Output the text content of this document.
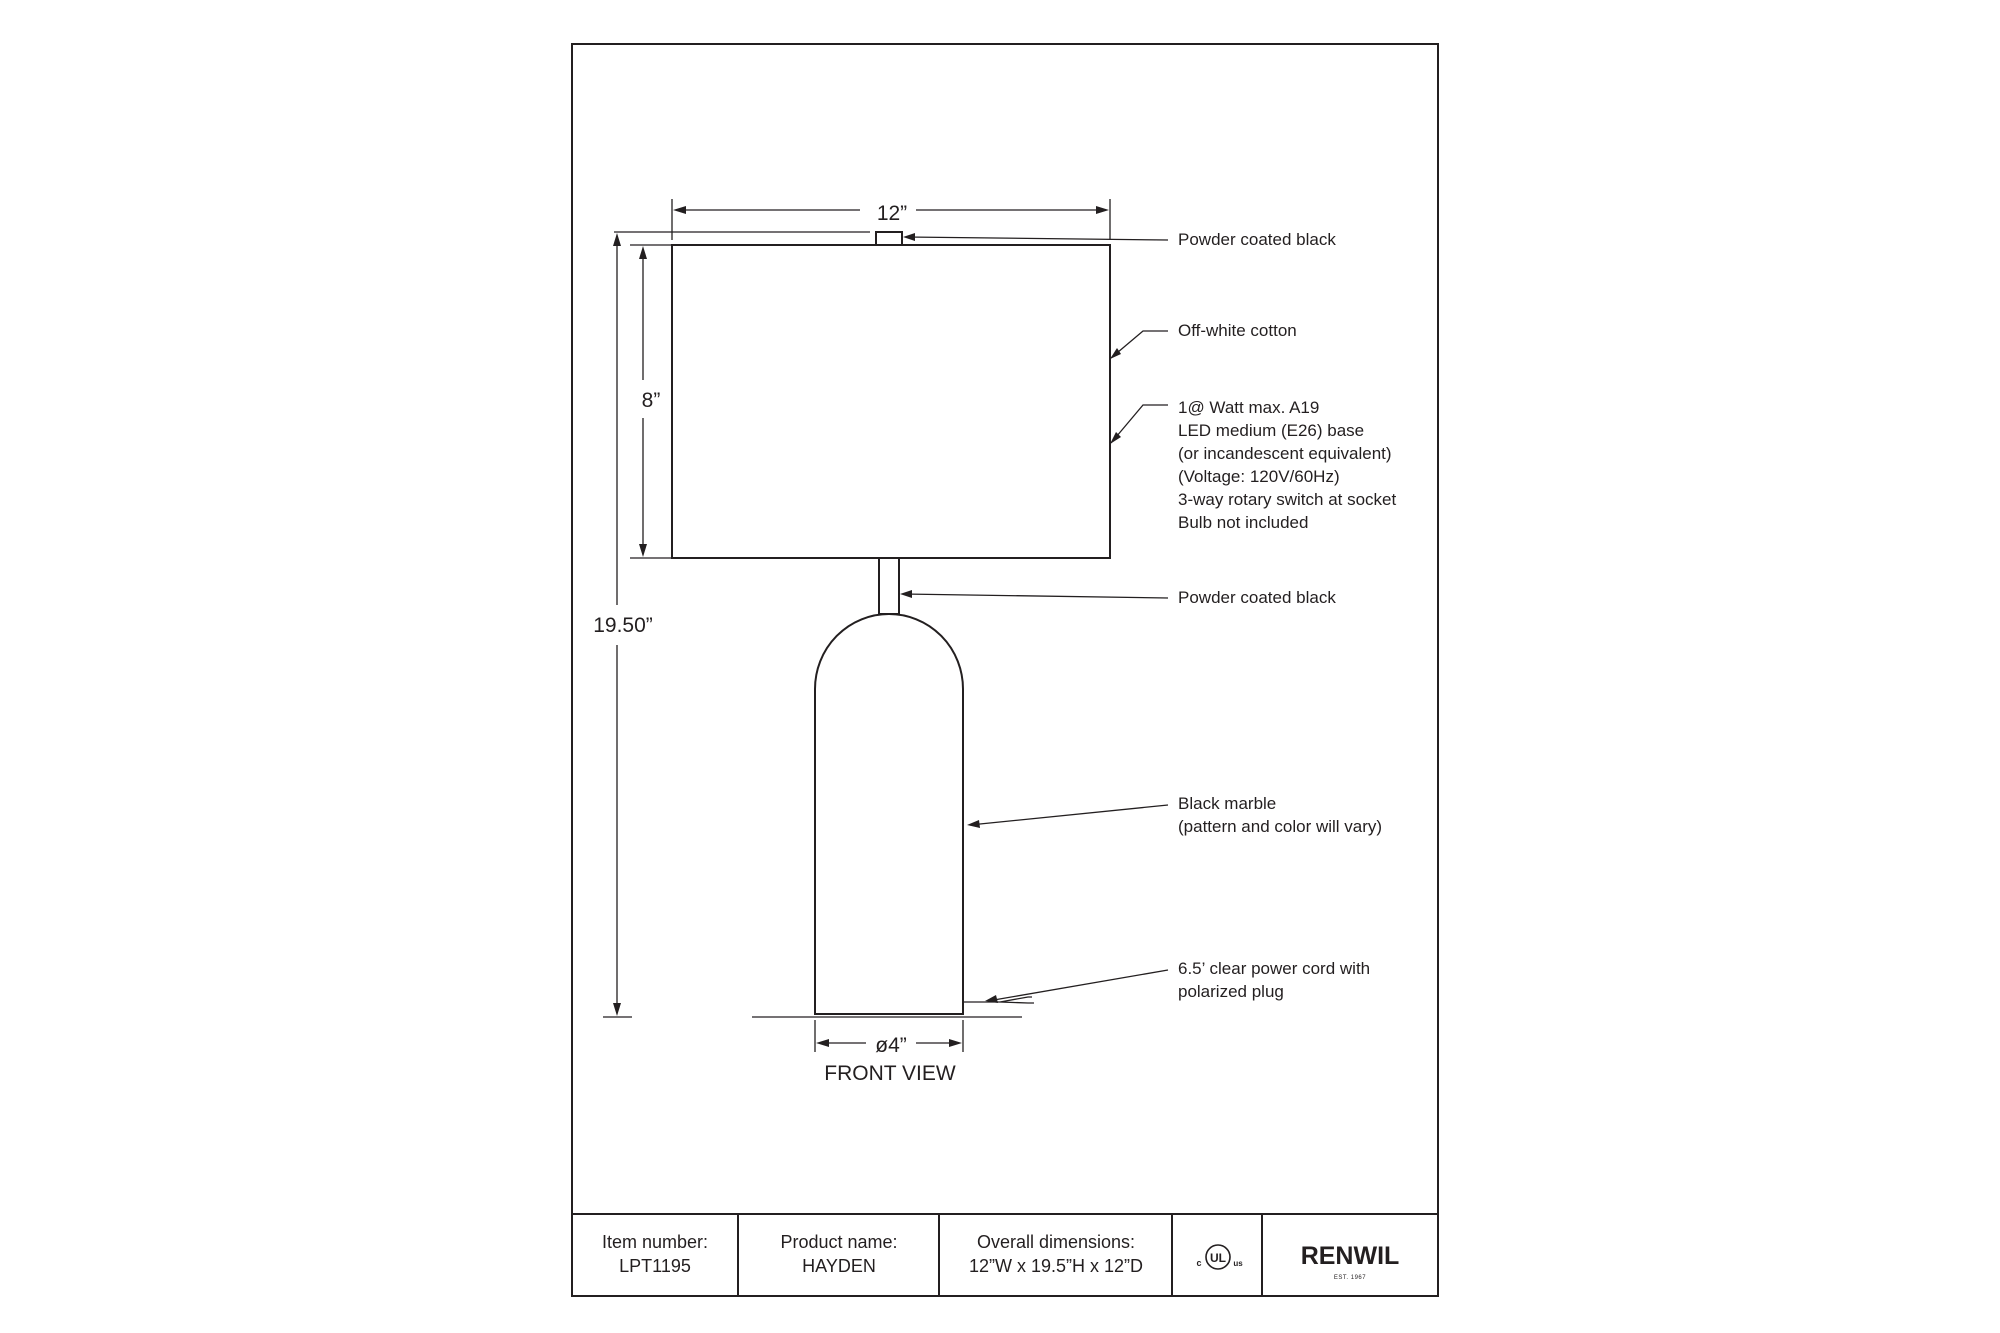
12”
8”
19.50”
ø4”
FRONT VIEW
Powder coated black
Off-white cotton
1@ Watt max. A19
LED medium (E26) base
(or incandescent equivalent)
(Voltage: 120V/60Hz)
3-way rotary switch at socket
Bulb not included
Powder coated black
Black marble
(pattern and color will vary)
6.5’ clear power cord with
polarized plug
Item number:
LPT1195
Product name:
HAYDEN
Overall dimensions:
12”W x 19.5”H x 12”D	UL
c	us RENWIL
EST. 1967
